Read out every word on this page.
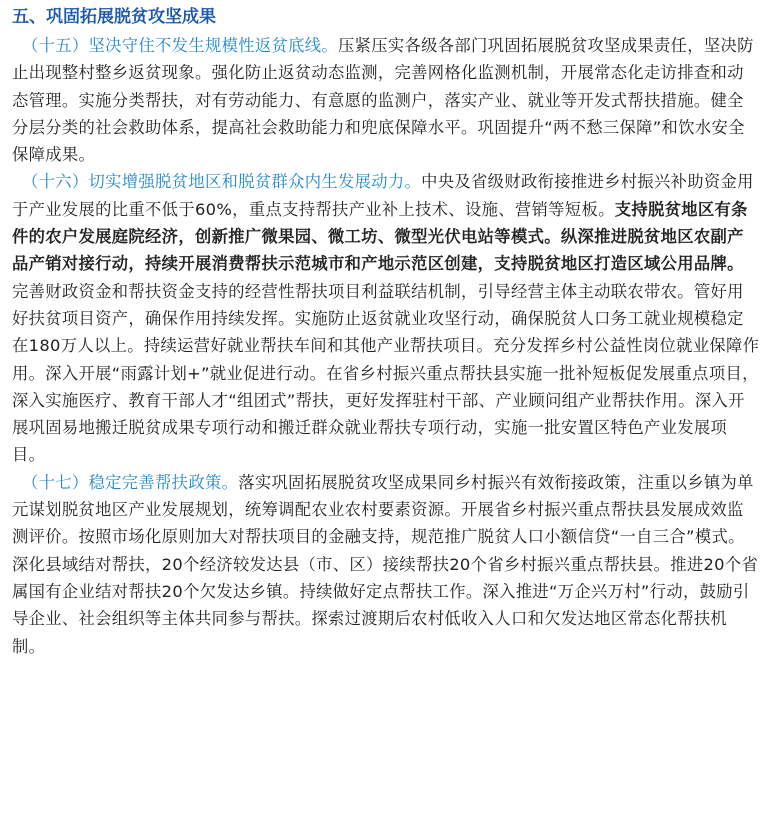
五、巩固拓展脱贫攻坚成果

（十五）坚决守住不发生规模性返贫底线。压紧压实各级各部门巩固拓展脱贫攻坚成果责任，坚决防止出现整村整乡返贫现象。强化防止返贫动态监测，完善网格化监测机制，开展常态化走访排查和动态管理。实施分类帮扶，对有劳动能力、有意愿的监测户，落实产业、就业等开发式帮扶措施。健全分层分类的社会救助体系，提高社会救助能力和兜底保障水平。巩固提升“两不愁三保障”和饮水安全保障成果。

（十六）切实增强脱贫地区和脱贫群众内生发展动力。中央及省级财政衔接推进乡村振兴补助资金用于产业发展的比重不低于60%，重点支持帮扶产业补上技术、设施、营销等短板。支持脱贫地区有条件的农户发展庭院经济，创新推广微果园、微工坊、微型光伏电站等模式。纵深推进脱贫地区农副产品产销对接行动，持续开展消费帮扶示范城市和产地示范区创建，支持脱贫地区打造区域公用品牌。完善财政资金和帮扶资金支持的经营性帮扶项目利益联结机制，引导经营主体主动联农带农。管好用好扶贫项目资产，确保作用持续发挥。实施防止返贫就业攻坚行动，确保脱贫人口务工就业规模稳定在180万人以上。持续运营好就业帮扶车间和其他产业帮扶项目。充分发挥乡村公益性岗位就业保障作用。深入开展“雨露计划+”就业促进行动。在省乡村振兴重点帮扶县实施一批补短板促发展重点项目，深入实施医疗、教育干部人才“组团式”帮扶，更好发挥驻村干部、产业顾问组产业帮扶作用。深入开展巩固易地搬迁脱贫成果专项行动和搬迁群众就业帮扶专项行动，实施一批安置区特色产业发展项目。

（十七）稳定完善帮扶政策。落实巩固拓展脱贫攻坚成果同乡村振兴有效衔接政策，注重以乡镇为单元谋划脱贫地区产业发展规划，统筹调配农业农村要素资源。开展省乡村振兴重点帮扶县发展成效监测评价。按照市场化原则加大对帮扶项目的金融支持，规范推广脱贫人口小额信贷“一自三合”模式。深化县域结对帮扶，20个经济较发达县（市、区）接续帮扶20个省乡村振兴重点帮扶县。推进20个省属国有企业结对帮扶20个欠发达乡镇。持续做好定点帮扶工作。深入推进“万企兴万村”行动，鼓励引导企业、社会组织等主体共同参与帮扶。探索过渡期后农村低收入人口和欠发达地区常态化帮扶机制。
